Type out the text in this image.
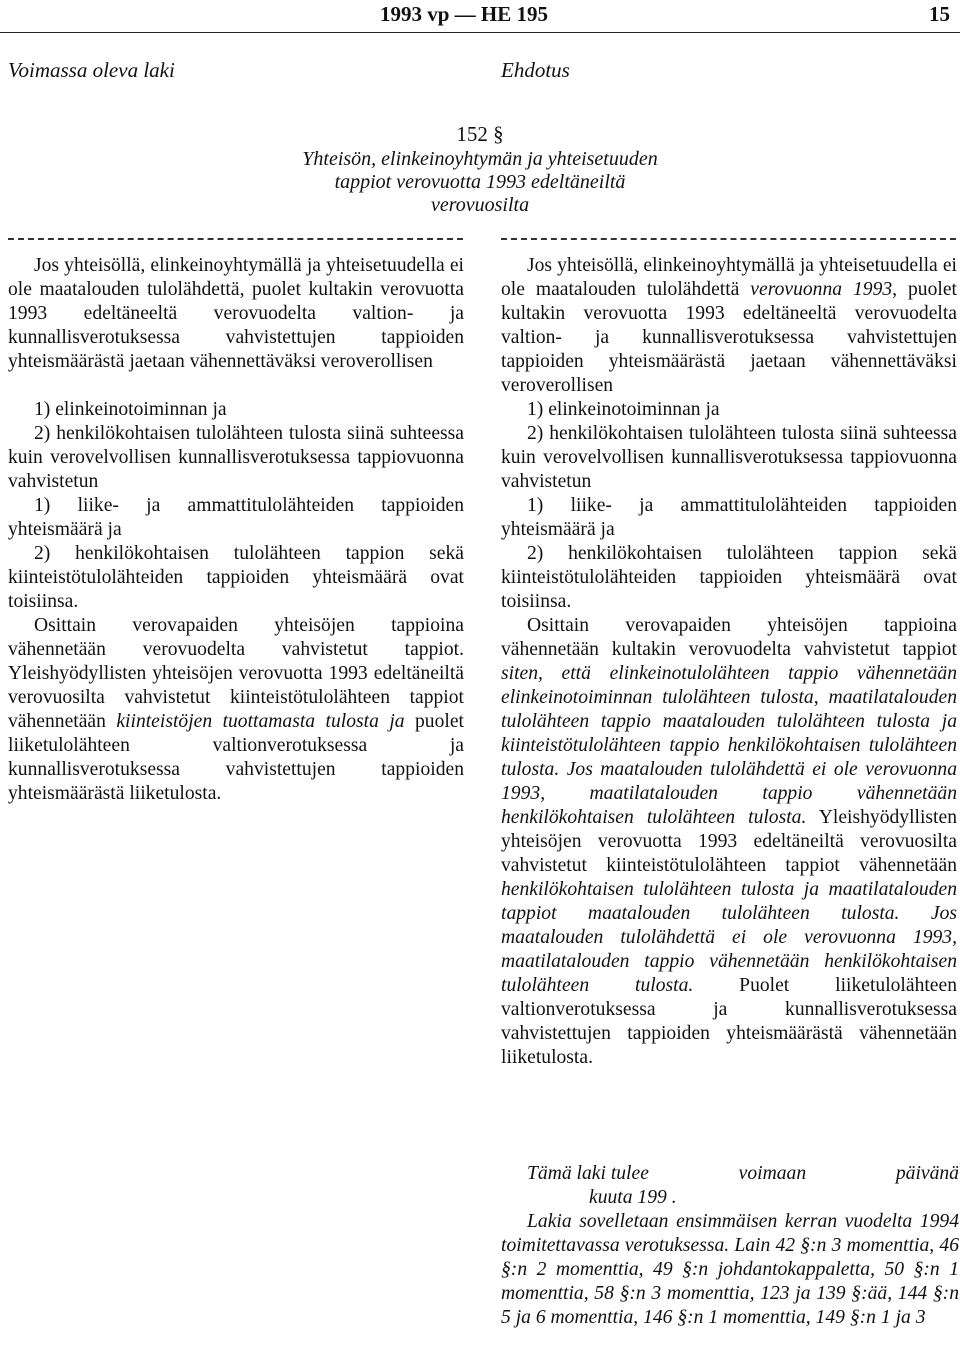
1993 vp — HE 195	15
Voimassa oleva laki	Ehdotus
152 §
Yhteisön, elinkeinoyhtymän ja yhteisetuuden
tappiot verovuotta 1993 edeltäneiltä
verovuosilta

Jos yhteisöllä, elinkeinoyhtymällä ja yhteisetuudella ei ole maatalouden tulolähdettä, puolet kultakin verovuotta 1993 edeltäneeltä verovuodelta valtion- ja kunnallisverotuksessa vahvistettujen tappioiden yhteismäärästä jaetaan vähennettäväksi veroverollisen

1) elinkeinotoiminnan ja

2) henkilökohtaisen tulolähteen tulosta siinä suhteessa kuin verovelvollisen kunnallisverotuksessa tappiovuonna vahvistetun

1) liike- ja ammattitulolähteiden tappioiden yhteismäärä ja

2) henkilökohtaisen tulolähteen tappion sekä kiinteistötulolähteiden tappioiden yhteismäärä ovat toisiinsa.

Osittain verovapaiden yhteisöjen tappioina vähennetään verovuodelta vahvistetut tappiot. Yleishyödyllisten yhteisöjen verovuotta 1993 edeltäneiltä verovuosilta vahvistetut kiinteistötulolähteen tappiot vähennetään kiinteistöjen tuottamasta tulosta ja puolet liiketulolähteen valtionverotuksessa ja kunnallisverotuksessa vahvistettujen tappioiden yhteismäärästä liiketulosta.

Jos yhteisöllä, elinkeinoyhtymällä ja yhteisetuudella ei ole maatalouden tulolähdettä verovuonna 1993, puolet kultakin verovuotta 1993 edeltäneeltä verovuodelta valtion- ja kunnallisverotuksessa vahvistettujen tappioiden yhteismäärästä jaetaan vähennettäväksi veroverollisen

1) elinkeinotoiminnan ja

2) henkilökohtaisen tulolähteen tulosta siinä suhteessa kuin verovelvollisen kunnallisverotuksessa tappiovuonna vahvistetun

1) liike- ja ammattitulolähteiden tappioiden yhteismäärä ja

2) henkilökohtaisen tulolähteen tappion sekä kiinteistötulolähteiden tappioiden yhteismäärä ovat toisiinsa.

Osittain verovapaiden yhteisöjen tappioina vähennetään kultakin verovuodelta vahvistetut tappiot siten, että elinkeinotulolähteen tappio vähennetään elinkeinotoiminnan tulolähteen tulosta, maatilatalouden tulolähteen tappio maatalouden tulolähteen tulosta ja kiinteistötulolähteen tappio henkilökohtaisen tulolähteen tulosta. Jos maatalouden tulolähdettä ei ole verovuonna 1993, maatilatalouden tappio vähennetään henkilökohtaisen tulolähteen tulosta. Yleishyödyllisten yhteisöjen verovuotta 1993 edeltäneiltä verovuosilta vahvistetut kiinteistötulolähteen tappiot vähennetään henkilökohtaisen tulolähteen tulosta ja maatilatalouden tappiot maatalouden tulolähteen tulosta. Jos maatalouden tulolähdettä ei ole verovuonna 1993, maatilatalouden tappio vähennetään henkilökohtaisen tulolähteen tulosta. Puolet liiketulolähteen valtionverotuksessa ja kunnallisverotuksessa vahvistettujen tappioiden yhteismäärästä vähennetään liiketulosta.

Tämä laki tulee	voimaan	päivänä
kuuta 199 .

Lakia sovelletaan ensimmäisen kerran vuodelta 1994 toimitettavassa verotuksessa. Lain 42 §:n 3 momenttia, 46 §:n 2 momenttia, 49 §:n johdantokappaletta, 50 §:n 1 momenttia, 58 §:n 3 momenttia, 123 ja 139 §:ää, 144 §:n 5 ja 6 momenttia, 146 §:n 1 momenttia, 149 §:n 1 ja 3
